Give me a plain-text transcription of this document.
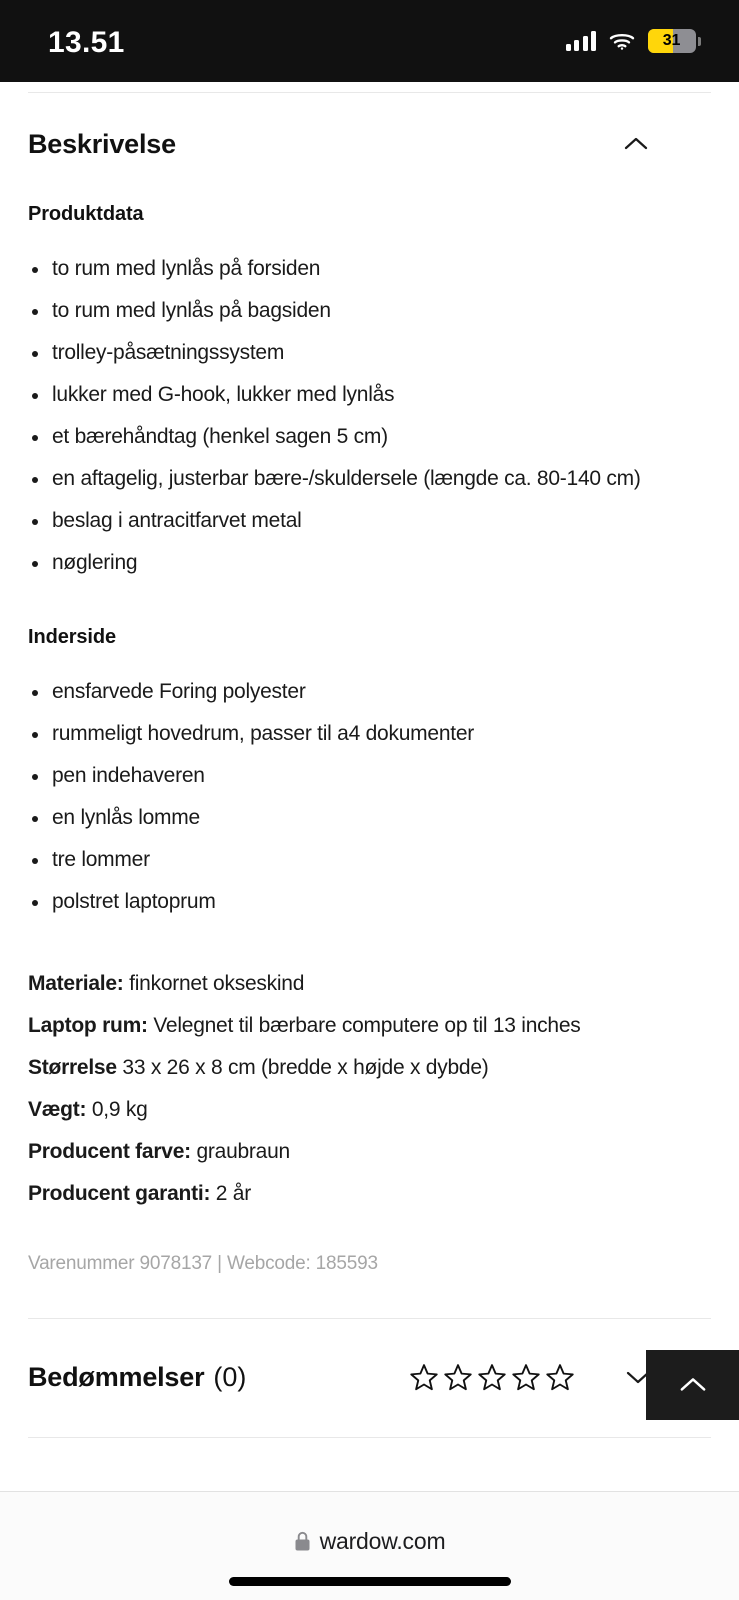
13.51	31
Beskrivelse
Produktdata
to rum med lynlås på forsiden
to rum med lynlås på bagsiden
trolley-påsætningssystem
lukker med G-hook, lukker med lynlås
et bærehåndtag (henkel sagen 5 cm)
en aftagelig, justerbar bære-/skuldersele (længde ca. 80-140 cm)
beslag i antracitfarvet metal
nøglering
Inderside
ensfarvede Foring polyester
rummeligt hovedrum, passer til a4 dokumenter
pen indehaveren
en lynlås lomme
tre lommer
polstret laptoprum
Materiale: finkornet okseskind
Laptop rum: Velegnet til bærbare computere op til 13 inches
Størrelse 33 x 26 x 8 cm (bredde x højde x dybde)
Vægt: 0,9 kg
Producent farve: graubraun
Producent garanti: 2 år
Varenummer 9078137 | Webcode: 185593
Bedømmelser (0)
wardow.com
